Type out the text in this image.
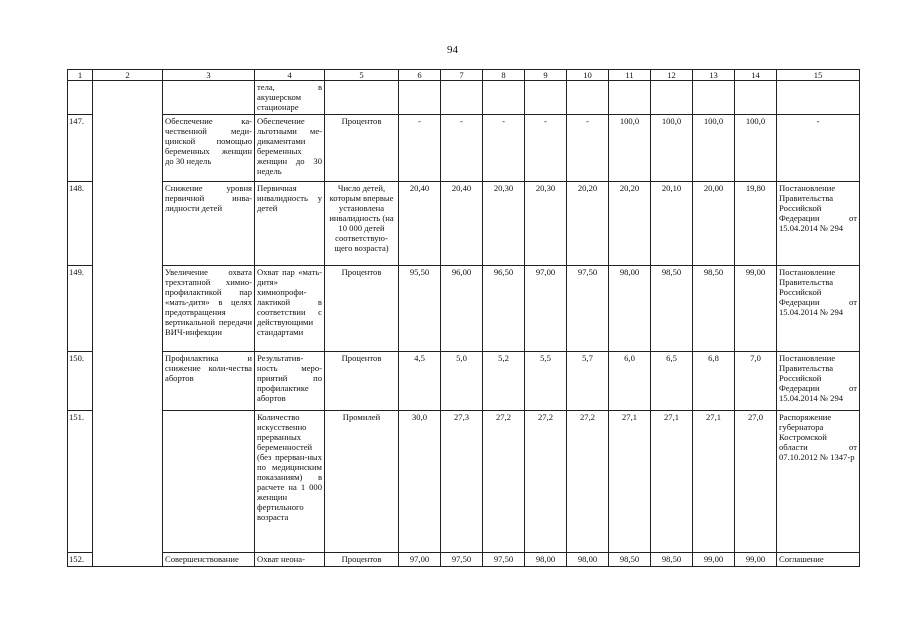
94
1	2	3	4	5	6	7	8	9	10	11	12	13	14	15
			тела, в акушерском стационаре											
147.		Обеспечение ка-чественной меди-цинской помощью беременных женщин до 30 недель	Обеспечение льготными ме-дикаментами беременных женщин до 30 недель	Процентов	-	-	-	-	-	100,0	100,0	100,0	100,0	-
148.		Снижение уровня первичной инва-лидности детей	Первичная инвалидность у детей	Число детей, которым впервые установлена инвалидность (на 10 000 детей соответствую-щего возраста)	20,40	20,40	20,30	20,30	20,20	20,20	20,10	20,00	19,80	Постановление Правительства Российской Федерации от 15.04.2014 № 294
149.		Увеличение охвата трехэтапной химио-профилактикой пар «мать-дитя» в целях предотвращения вертикальной передачи ВИЧ-инфекции	Охват пар «мать-дитя» химиопрофи-лактикой в соответствии с действующими стандартами	Процентов	95,50	96,00	96,50	97,00	97,50	98,00	98,50	98,50	99,00	Постановление Правительства Российской Федерации от 15.04.2014 № 294
150.		Профилактика и снижение коли-чества абортов	Результатив-ность меро-приятий по профилактике абортов	Процентов	4,5	5,0	5,2	5,5	5,7	6,0	6,5	6,8	7,0	Постановление Правительства Российской Федерации от 15.04.2014 № 294
151.			Количество искусственно прерванных беременностей (без прерван-ных по медицинским показаниям) в расчете на 1 000 женщин фертильного возраста	Промилей	30,0	27,3	27,2	27,2	27,2	27,1	27,1	27,1	27,0	Распоряжение губернатора Костромской области от 07.10.2012 № 1347-р
152.		Совершенствование	Охват неона-	Процентов	97,00	97,50	97,50	98,00	98,00	98,50	98,50	99,00	99,00	Соглашение
